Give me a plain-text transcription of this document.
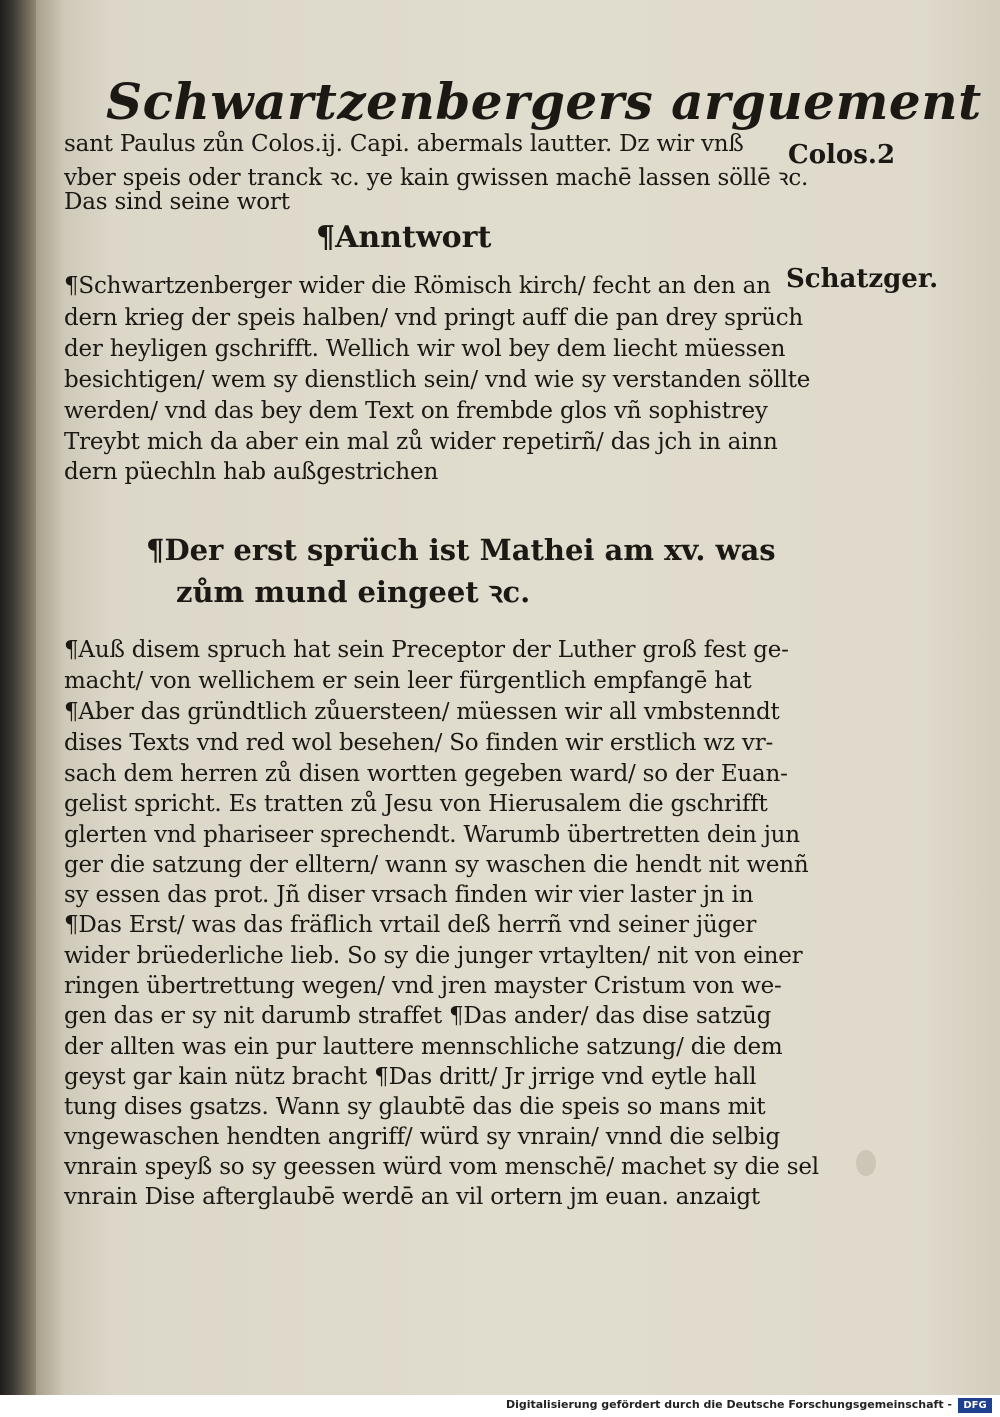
Schwartzenbergers arguement
sant Paulus zůn Colos.ij. Capi. abermals lautter. Dz wir vnß
vber speis oder tranck ꝛc. ye kain gwissen machē lassen söllē ꝛc.
Das sind seine wort
¶Anntwort
¶Schwartzenberger wider die Römisch kirch/ fecht an den an
dern krieg der speis halben/ vnd pringt auff die pan drey sprüch
der heyligen gschrifft. Wellich wir wol bey dem liecht müessen
besichtigen/ wem sy dienstlich sein/ vnd wie sy verstanden söllte
werden/ vnd das bey dem Text on frembde glos vñ sophistrey
Treybt mich da aber ein mal zů wider repetirñ/ das jch in ainn
dern püechln hab außgestrichen
¶Der erst sprüch ist Mathei am xv. was
zům mund eingeet ꝛc.
¶Auß disem spruch hat sein Preceptor der Luther groß fest ge-
macht/ von wellichem er sein leer fürgentlich empfangē hat
¶Aber das gründtlich zůuersteen/ müessen wir all vmbstenndt
dises Texts vnd red wol besehen/ So finden wir erstlich wz vr-
sach dem herren zů disen wortten gegeben ward/ so der Euan-
gelist spricht. Es tratten zů Jesu von Hierusalem die gschrifft
glerten vnd phariseer sprechendt. Warumb übertretten dein jun
ger die satzung der elltern/ wann sy waschen die hendt nit wenñ
sy essen das prot. Jñ diser vrsach finden wir vier laster jn in
¶Das Erst/ was das fräflich vrtail deß herrñ vnd seiner jüger
wider brüederliche lieb. So sy die junger vrtaylten/ nit von einer
ringen übertrettung wegen/ vnd jren mayster Cristum von we-
gen das er sy nit darumb straffet ¶Das ander/ das dise satzūg
der allten was ein pur lauttere mennschliche satzung/ die dem
geyst gar kain nütz bracht ¶Das dritt/ Jr jrrige vnd eytle hall
tung dises gsatzs. Wann sy glaubtē das die speis so mans mit
vngewaschen hendten angriff/ würd sy vnrain/ vnnd die selbig
vnrain speyß so sy geessen würd vom menschē/ machet sy die sel
vnrain Dise afterglaubē werdē an vil ortern jm euan. anzaigt
Colos.2
Schatzger.
Digitalisierung gefördert durch die Deutsche Forschungsgemeinschaft -	DFG
